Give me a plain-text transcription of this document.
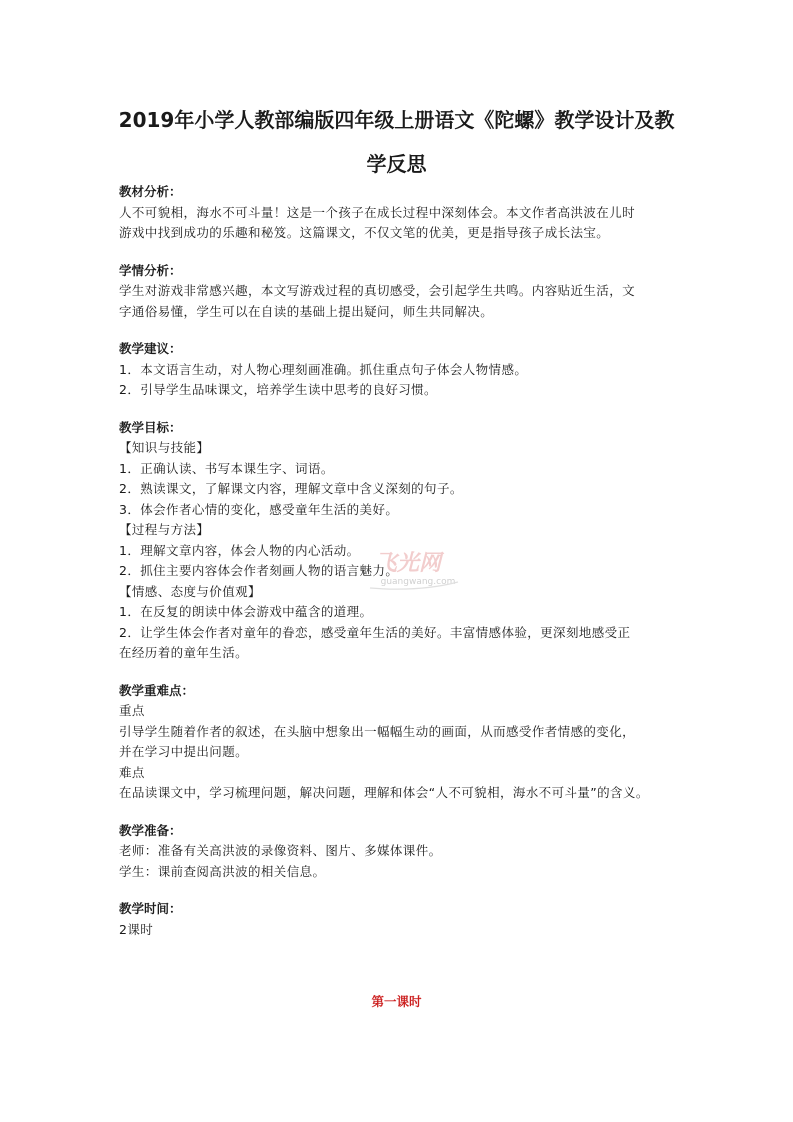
2019年小学人教部编版四年级上册语文《陀螺》教学设计及教
学反思
教材分析：

人不可貌相，海水不可斗量！这是一个孩子在成长过程中深刻体会。本文作者高洪波在儿时

游戏中找到成功的乐趣和秘笈。这篇课文，不仅文笔的优美，更是指导孩子成长法宝。

学情分析：

学生对游戏非常感兴趣，本文写游戏过程的真切感受，会引起学生共鸣。内容贴近生活，文

字通俗易懂，学生可以在自读的基础上提出疑问，师生共同解决。

教学建议：

1．本文语言生动，对人物心理刻画准确。抓住重点句子体会人物情感。

2．引导学生品味课文，培养学生读中思考的良好习惯。

教学目标：

【知识与技能】

1．正确认读、书写本课生字、词语。

2．熟读课文，了解课文内容，理解文章中含义深刻的句子。

3．体会作者心情的变化，感受童年生活的美好。

【过程与方法】

1．理解文章内容，体会人物的内心活动。

2．抓住主要内容体会作者刻画人物的语言魅力。

【情感、态度与价值观】

1．在反复的朗读中体会游戏中蕴含的道理。

2．让学生体会作者对童年的眷恋，感受童年生活的美好。丰富情感体验，更深刻地感受正

在经历着的童年生活。

教学重难点：

重点

引导学生随着作者的叙述，在头脑中想象出一幅幅生动的画面，从而感受作者情感的变化，

并在学习中提出问题。

难点

在品读课文中，学习梳理问题，解决问题，理解和体会“人不可貌相，海水不可斗量”的含义。

教学准备：

老师：准备有关高洪波的录像资料、图片、多媒体课件。

学生：课前查阅高洪波的相关信息。

教学时间：

2课时

飞光网
guangwang.com

第一课时
